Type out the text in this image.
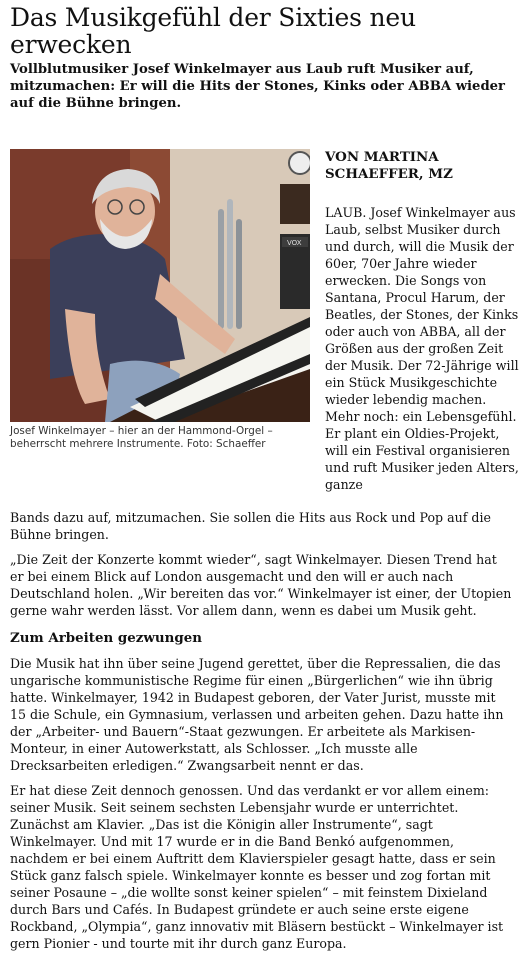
Das Musikgefühl der Sixties neu erwecken

Vollblutmusiker Josef Winkelmayer aus Laub ruft Musiker auf, mitzumachen: Er will die Hits der Stones, Kinks oder ABBA wieder auf die Bühne bringen.

VOX
Josef Winkelmayer – hier an der Hammond-Orgel – beherrscht mehrere Instrumente. Foto: Schaeffer

VON MARTINA SCHAEFFER, MZ

LAUB. Josef Winkelmayer aus Laub, selbst Musiker durch und durch, will die Musik der 60er, 70er Jahre wieder erwecken. Die Songs von Santana, Procul Harum, der Beatles, der Stones, der Kinks oder auch von ABBA, all der Größen aus der großen Zeit der Musik. Der 72-Jährige will ein Stück Musikgeschichte wieder lebendig machen. Mehr noch: ein Lebensgefühl. Er plant ein Oldies-Projekt, will ein Festival organisieren und ruft Musiker jeden Alters, ganze

Bands dazu auf, mitzumachen. Sie sollen die Hits aus Rock und Pop auf die Bühne bringen.

„Die Zeit der Konzerte kommt wieder“, sagt Winkelmayer. Diesen Trend hat er bei einem Blick auf London ausgemacht und den will er auch nach Deutschland holen. „Wir bereiten das vor.“ Winkelmayer ist einer, der Utopien gerne wahr werden lässt. Vor allem dann, wenn es dabei um Musik geht.

Zum Arbeiten gezwungen

Die Musik hat ihn über seine Jugend gerettet, über die Repressalien, die das ungarische kommunistische Regime für einen „Bürgerlichen“ wie ihn übrig hatte. Winkelmayer, 1942 in Budapest geboren, der Vater Jurist, musste mit 15 die Schule, ein Gymnasium, verlassen und arbeiten gehen. Dazu hatte ihn der „Arbeiter- und Bauern“-Staat gezwungen. Er arbeitete als Markisen-Monteur, in einer Autowerkstatt, als Schlosser. „Ich musste alle Drecksarbeiten erledigen.“ Zwangsarbeit nennt er das.

Er hat diese Zeit dennoch genossen. Und das verdankt er vor allem einem: seiner Musik. Seit seinem sechsten Lebensjahr wurde er unterrichtet. Zunächst am Klavier. „Das ist die Königin aller Instrumente“, sagt Winkelmayer. Und mit 17 wurde er in die Band Benkó aufgenommen, nachdem er bei einem Auftritt dem Klavierspieler gesagt hatte, dass er sein Stück ganz falsch spiele. Winkelmayer konnte es besser und zog fortan mit seiner Posaune – „die wollte sonst keiner spielen“ – mit feinstem Dixieland durch Bars und Cafés. In Budapest gründete er auch seine erste eigene Rockband, „Olympia“, ganz innovativ mit Bläsern bestückt – Winkelmayer ist gern Pionier - und tourte mit ihr durch ganz Europa.
